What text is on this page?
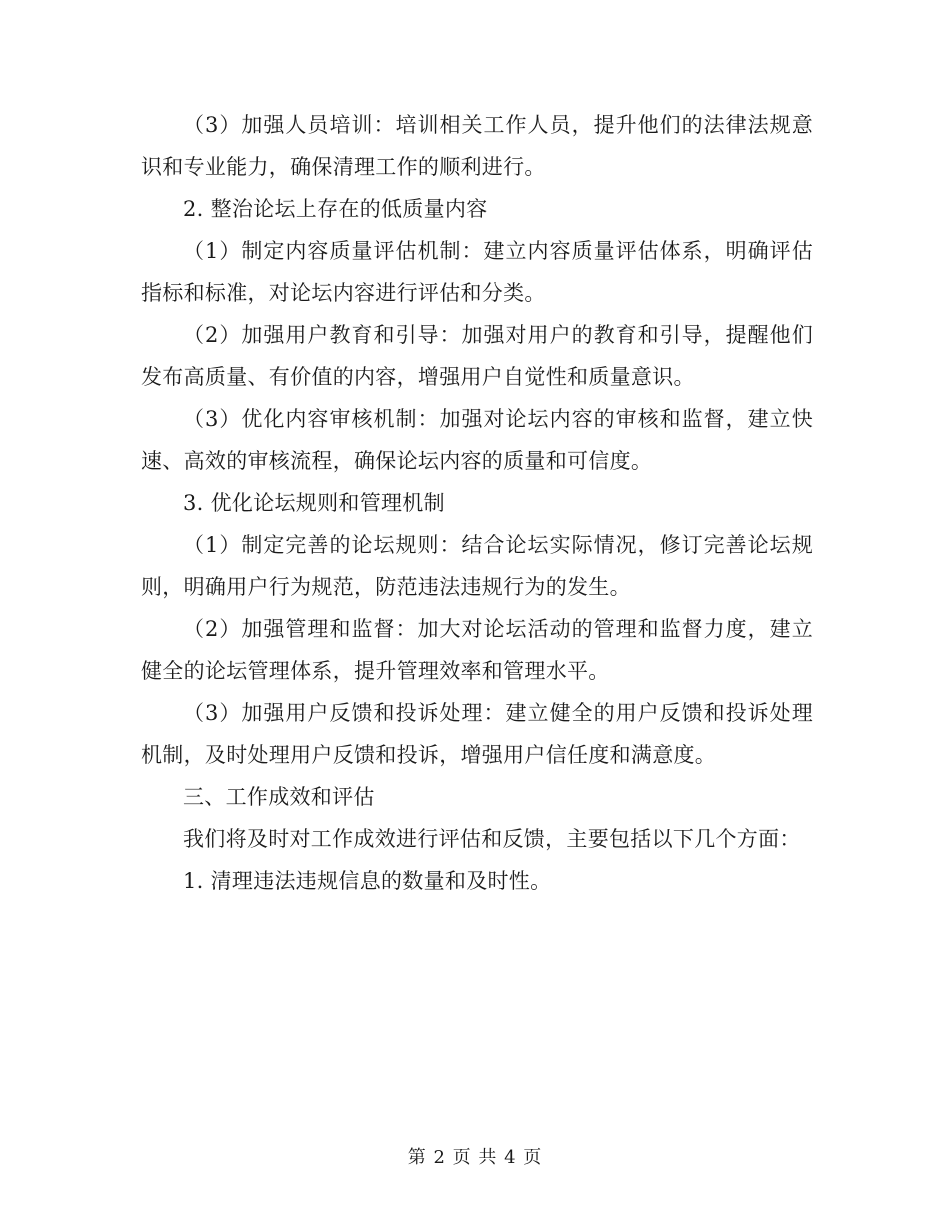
（3）加强人员培训：培训相关工作人员，提升他们的法律法规意识和专业能力，确保清理工作的顺利进行。

2. 整治论坛上存在的低质量内容

（1）制定内容质量评估机制：建立内容质量评估体系，明确评估指标和标准，对论坛内容进行评估和分类。

（2）加强用户教育和引导：加强对用户的教育和引导，提醒他们发布高质量、有价值的内容，增强用户自觉性和质量意识。

（3）优化内容审核机制：加强对论坛内容的审核和监督，建立快速、高效的审核流程，确保论坛内容的质量和可信度。

3. 优化论坛规则和管理机制

（1）制定完善的论坛规则：结合论坛实际情况，修订完善论坛规则，明确用户行为规范，防范违法违规行为的发生。

（2）加强管理和监督：加大对论坛活动的管理和监督力度，建立健全的论坛管理体系，提升管理效率和管理水平。

（3）加强用户反馈和投诉处理：建立健全的用户反馈和投诉处理机制，及时处理用户反馈和投诉，增强用户信任度和满意度。

三、工作成效和评估

我们将及时对工作成效进行评估和反馈，主要包括以下几个方面：

1. 清理违法违规信息的数量和及时性。

第 2 页 共 4 页
